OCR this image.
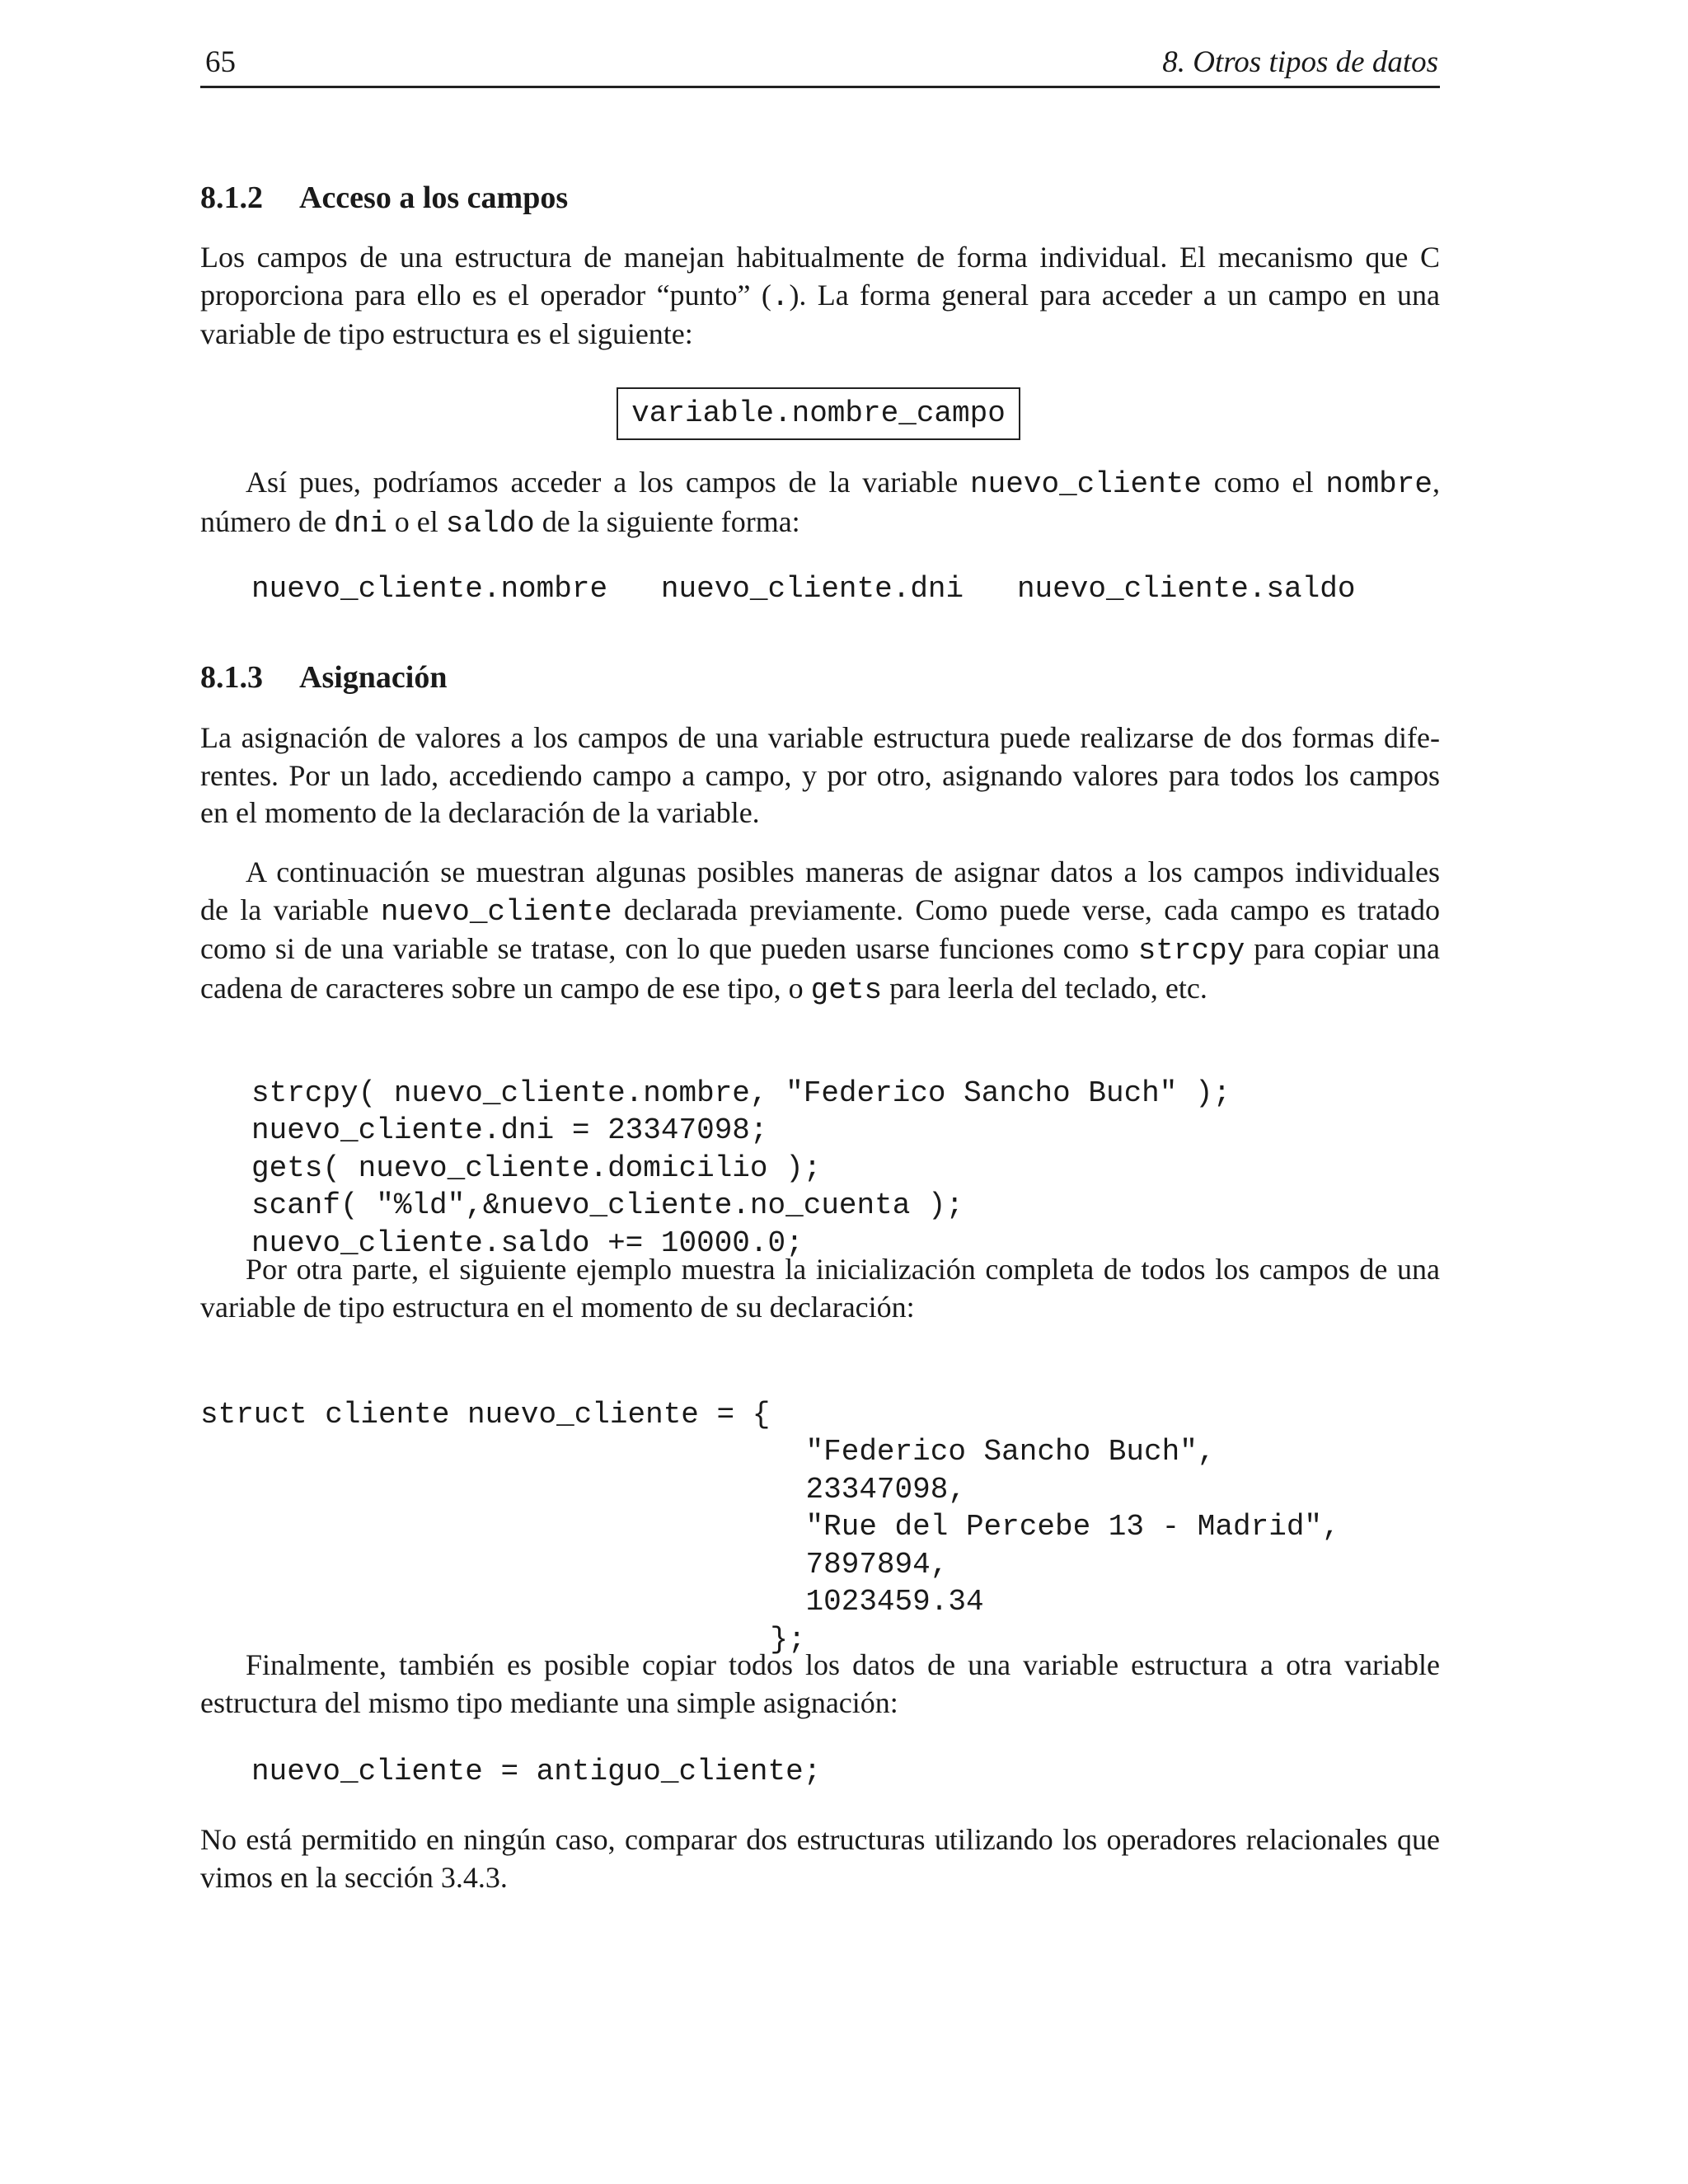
65	8. Otros tipos de datos
8.1.2 Acceso a los campos
Los campos de una estructura de manejan habitualmente de forma individual. El mecanismo que C
proporciona para ello es el operador “punto” (.). La forma general para acceder a un campo en una
variable de tipo estructura es el siguiente:
variable.nombre_campo
Así pues, podríamos acceder a los campos de la variable nuevo_cliente como el nombre,
número de dni o el saldo de la siguiente forma:
nuevo_cliente.nombre   nuevo_cliente.dni   nuevo_cliente.saldo
8.1.3 Asignación
La asignación de valores a los campos de una variable estructura puede realizarse de dos formas dife-
rentes. Por un lado, accediendo campo a campo, y por otro, asignando valores para todos los campos
en el momento de la declaración de la variable.
A continuación se muestran algunas posibles maneras de asignar datos a los campos individuales
de la variable nuevo_cliente declarada previamente. Como puede verse, cada campo es tratado
como si de una variable se tratase, con lo que pueden usarse funciones como strcpy para copiar una
cadena de caracteres sobre un campo de ese tipo, o gets para leerla del teclado, etc.

strcpy( nuevo_cliente.nombre, "Federico Sancho Buch" );
nuevo_cliente.dni = 23347098;
gets( nuevo_cliente.domicilio );
scanf( "%ld",&nuevo_cliente.no_cuenta );
nuevo_cliente.saldo += 10000.0;
Por otra parte, el siguiente ejemplo muestra la inicialización completa de todos los campos de una
variable de tipo estructura en el momento de su declaración:

struct cliente nuevo_cliente = {
"Federico Sancho Buch",
23347098,
"Rue del Percebe 13 - Madrid",
7897894,
1023459.34
};
Finalmente, también es posible copiar todos los datos de una variable estructura a otra variable
estructura del mismo tipo mediante una simple asignación:
nuevo_cliente = antiguo_cliente;
No está permitido en ningún caso, comparar dos estructuras utilizando los operadores relacionales que
vimos en la sección 3.4.3.
